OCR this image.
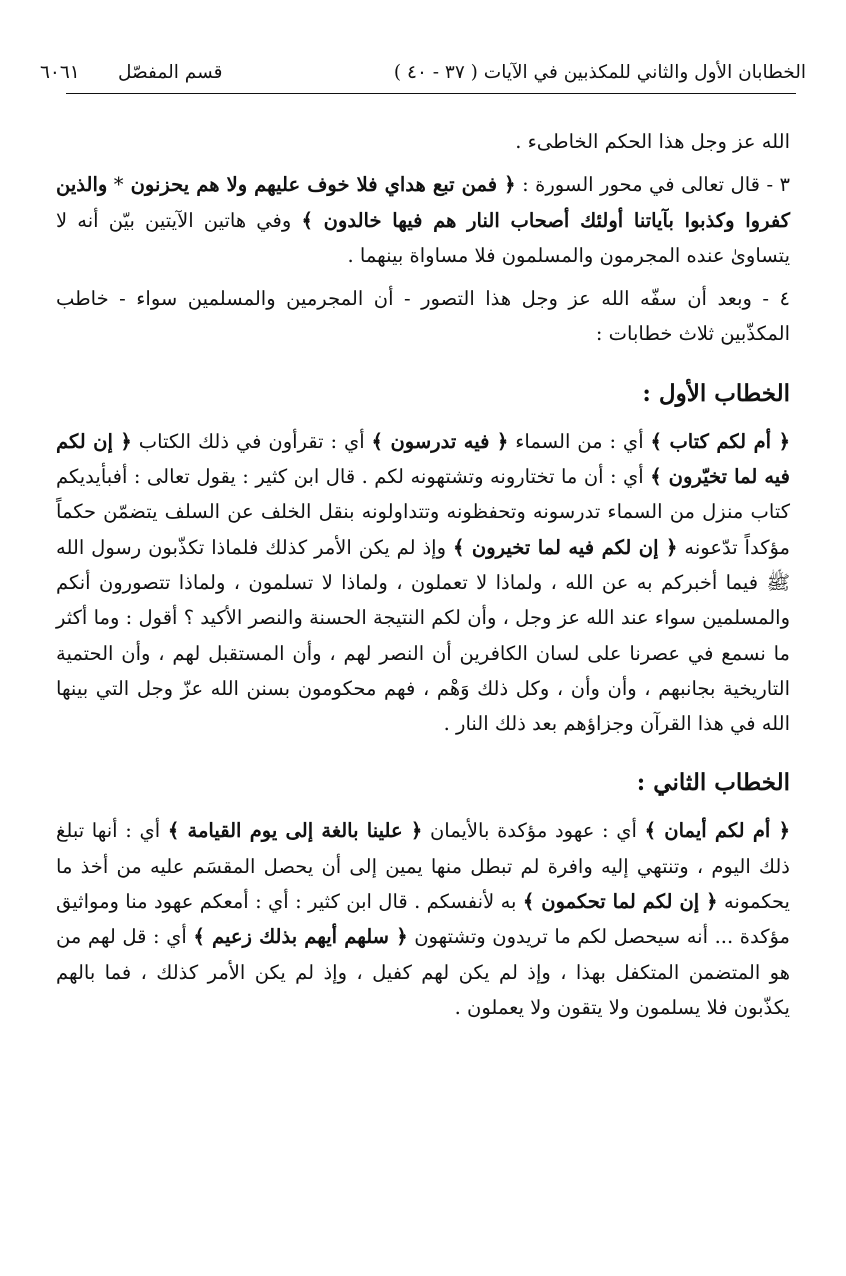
الخطابان الأول والثاني للمكذبين في الآيات ( ٣٧ - ٤٠ )
قسم المفصّل
٦٠٦١

الله عز وجل هذا الحكم الخاطىء .

٣ - قال تعالى في محور السورة : ﴿ فمن تبع هداي فلا خوف عليهم ولا هم يحزنون * والذين كفروا وكذبوا بآياتنا أولئك أصحاب النار هم فيها خالدون ﴾ وفي هاتين الآيتين بيّن أنه لا يتساوىٰ عنده المجرمون والمسلمون فلا مساواة بينهما .

٤ - وبعد أن سفّه الله عز وجل هذا التصور - أن المجرمين والمسلمين سواء - خاطب المكذّبين ثلاث خطابات :

الخطاب الأول :

﴿ أم لكم كتاب ﴾ أي : من السماء ﴿ فيه تدرسون ﴾ أي : تقرأون في ذلك الكتاب ﴿ إن لكم فيه لما تخيّرون ﴾ أي : أن ما تختارونه وتشتهونه لكم . قال ابن كثير : يقول تعالى : أفبأيديكم كتاب منزل من السماء تدرسونه وتحفظونه وتتداولونه بنقل الخلف عن السلف يتضمّن حكماً مؤكداً تدّعونه ﴿ إن لكم فيه لما تخيرون ﴾ وإذ لم يكن الأمر كذلك فلماذا تكذّبون رسول الله ﷺ فيما أخبركم به عن الله ، ولماذا لا تعملون ، ولماذا لا تسلمون ، ولماذا تتصورون أنكم والمسلمين سواء عند الله عز وجل ، وأن لكم النتيجة الحسنة والنصر الأكيد ؟ أقول : وما أكثر ما نسمع في عصرنا على لسان الكافرين أن النصر لهم ، وأن المستقبل لهم ، وأن الحتمية التاريخية بجانبهم ، وأن وأن ، وكل ذلك وَهْم ، فهم محكومون بسنن الله عزّ وجل التي بينها الله في هذا القرآن وجزاؤهم بعد ذلك النار .

الخطاب الثاني :

﴿ أم لكم أيمان ﴾ أي : عهود مؤكدة بالأيمان ﴿ علينا بالغة إلى يوم القيامة ﴾ أي : أنها تبلغ ذلك اليوم ، وتنتهي إليه وافرة لم تبطل منها يمين إلى أن يحصل المقسَم عليه من أخذ ما يحكمونه ﴿ إن لكم لما تحكمون ﴾ به لأنفسكم . قال ابن كثير : أي : أمعكم عهود منا ومواثيق مؤكدة ... أنه سيحصل لكم ما تريدون وتشتهون ﴿ سلهم أيهم بذلك زعيم ﴾ أي : قل لهم من هو المتضمن المتكفل بهذا ، وإذ لم يكن لهم كفيل ، وإذ لم يكن الأمر كذلك ، فما بالهم يكذّبون فلا يسلمون ولا يتقون ولا يعملون .
